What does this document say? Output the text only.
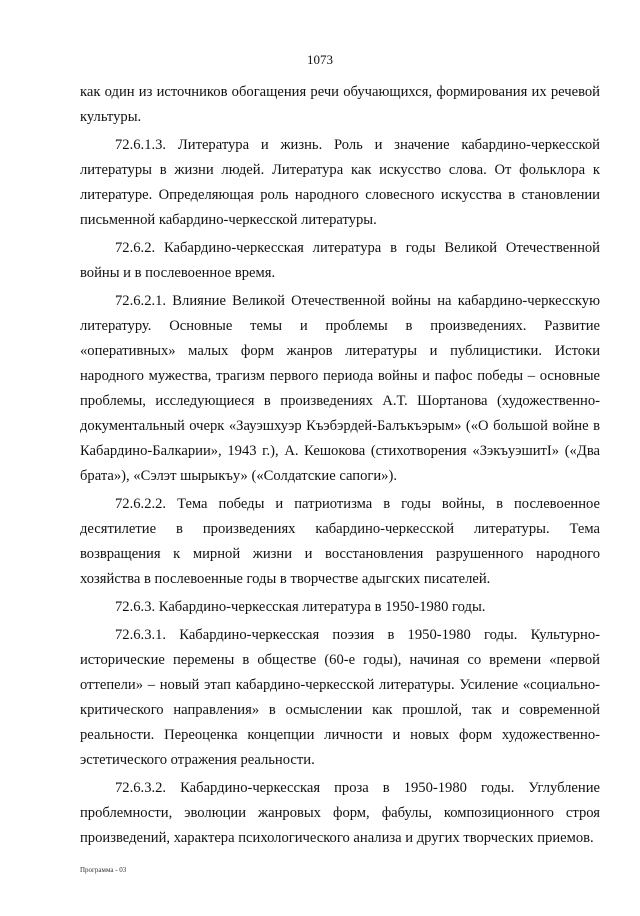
1073

как один из источников обогащения речи обучающихся, формирования их речевой культуры.

72.6.1.3. Литература и жизнь. Роль и значение кабардино-черкесской литературы в жизни людей. Литература как искусство слова. От фольклора к литературе. Определяющая роль народного словесного искусства в становлении письменной кабардино-черкесской литературы.

72.6.2. Кабардино-черкесская литература в годы Великой Отечественной войны и в послевоенное время.

72.6.2.1. Влияние Великой Отечественной войны на кабардино-черкесскую литературу. Основные темы и проблемы в произведениях. Развитие «оперативных» малых форм жанров литературы и публицистики. Истоки народного мужества, трагизм первого периода войны и пафос победы – основные проблемы, исследующиеся в произведениях А.Т. Шортанова (художественно-документальный очерк «Зауэшхуэр Къэбэрдей-Балъкъэрым» («О большой войне в Кабардино-Балкарии», 1943 г.), А. Кешокова (стихотворения «ЗэкъуэшитI» («Два брата»), «Сэлэт шырыкъу» («Солдатские сапоги»).

72.6.2.2. Тема победы и патриотизма в годы войны, в послевоенное десятилетие в произведениях кабардино-черкесской литературы. Тема возвращения к мирной жизни и восстановления разрушенного народного хозяйства в послевоенные годы в творчестве адыгских писателей.

72.6.3. Кабардино-черкесская литература в 1950-1980 годы.

72.6.3.1. Кабардино-черкесская поэзия в 1950-1980 годы. Культурно-исторические перемены в обществе (60-е годы), начиная со времени «первой оттепели» – новый этап кабардино-черкесской литературы. Усиление «социально-критического направления» в осмыслении как прошлой, так и современной реальности. Переоценка концепции личности и новых форм художественно-эстетического отражения реальности.

72.6.3.2. Кабардино-черкесская проза в 1950-1980 годы. Углубление проблемности, эволюции жанровых форм, фабулы, композиционного строя произведений, характера психологического анализа и других творческих приемов.

Программа - 03
